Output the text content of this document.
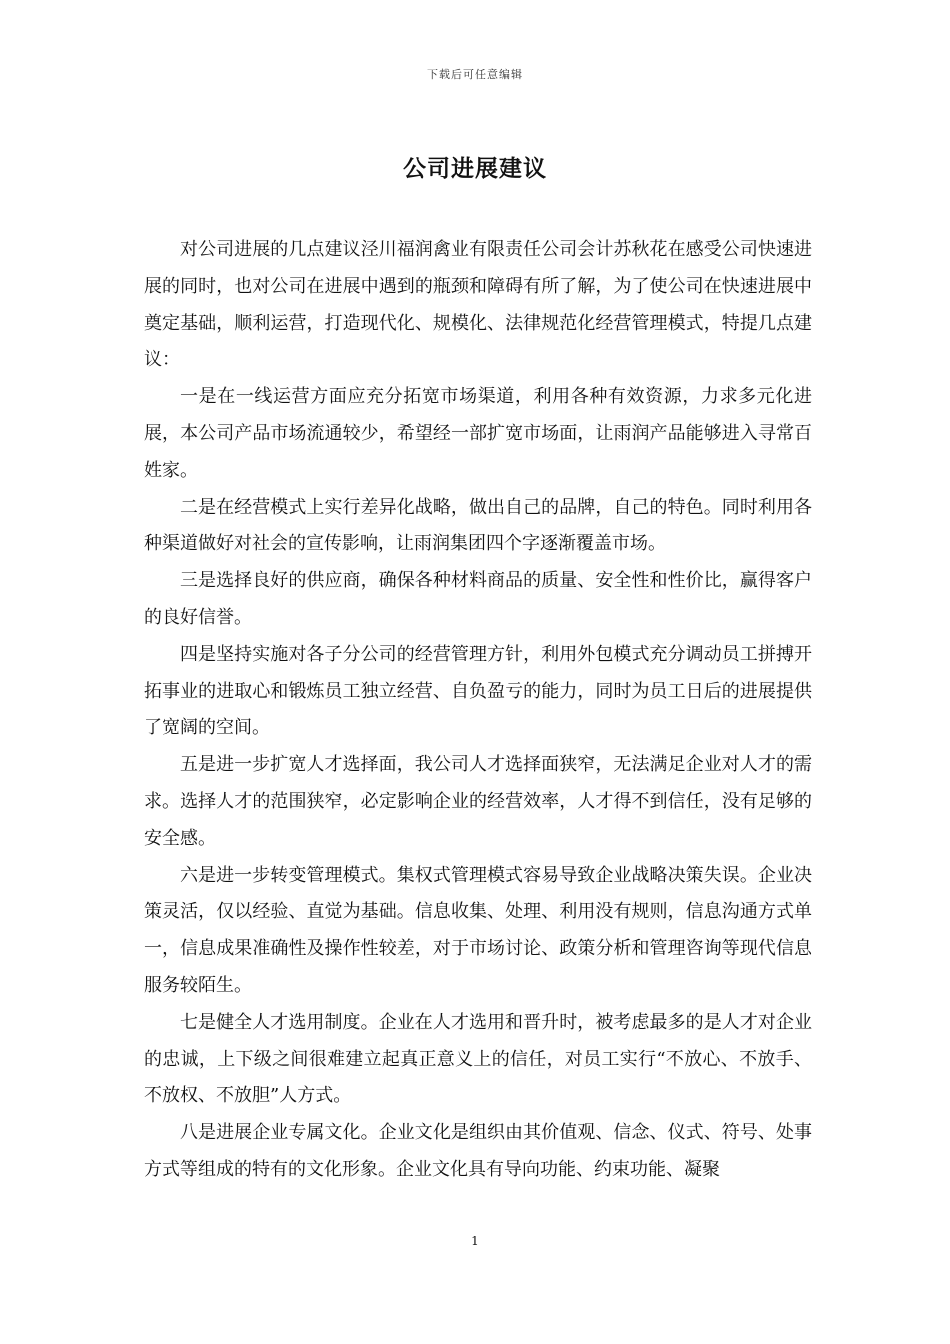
下载后可任意编辑
公司进展建议

对公司进展的几点建议泾川福润禽业有限责任公司会计苏秋花在感受公司快速进展的同时，也对公司在进展中遇到的瓶颈和障碍有所了解，为了使公司在快速进展中奠定基础，顺利运营，打造现代化、规模化、法律规范化经营管理模式，特提几点建议：

一是在一线运营方面应充分拓宽市场渠道，利用各种有效资源，力求多元化进展，本公司产品市场流通较少，希望经一部扩宽市场面，让雨润产品能够进入寻常百姓家。

二是在经营模式上实行差异化战略，做出自己的品牌，自己的特色。同时利用各种渠道做好对社会的宣传影响，让雨润集团四个字逐渐覆盖市场。

三是选择良好的供应商，确保各种材料商品的质量、安全性和性价比，赢得客户的良好信誉。

四是坚持实施对各子分公司的经营管理方针，利用外包模式充分调动员工拼搏开拓事业的进取心和锻炼员工独立经营、自负盈亏的能力，同时为员工日后的进展提供了宽阔的空间。

五是进一步扩宽人才选择面，我公司人才选择面狭窄，无法满足企业对人才的需求。选择人才的范围狭窄，必定影响企业的经营效率，人才得不到信任，没有足够的安全感。

六是进一步转变管理模式。集权式管理模式容易导致企业战略决策失误。企业决策灵活，仅以经验、直觉为基础。信息收集、处理、利用没有规则，信息沟通方式单一，信息成果准确性及操作性较差，对于市场讨论、政策分析和管理咨询等现代信息服务较陌生。

七是健全人才选用制度。企业在人才选用和晋升时，被考虑最多的是人才对企业的忠诚，上下级之间很难建立起真正意义上的信任，对员工实行“不放心、不放手、不放权、不放胆”人方式。

八是进展企业专属文化。企业文化是组织由其价值观、信念、仪式、符号、处事方式等组成的特有的文化形象。企业文化具有导向功能、约束功能、凝聚

1
